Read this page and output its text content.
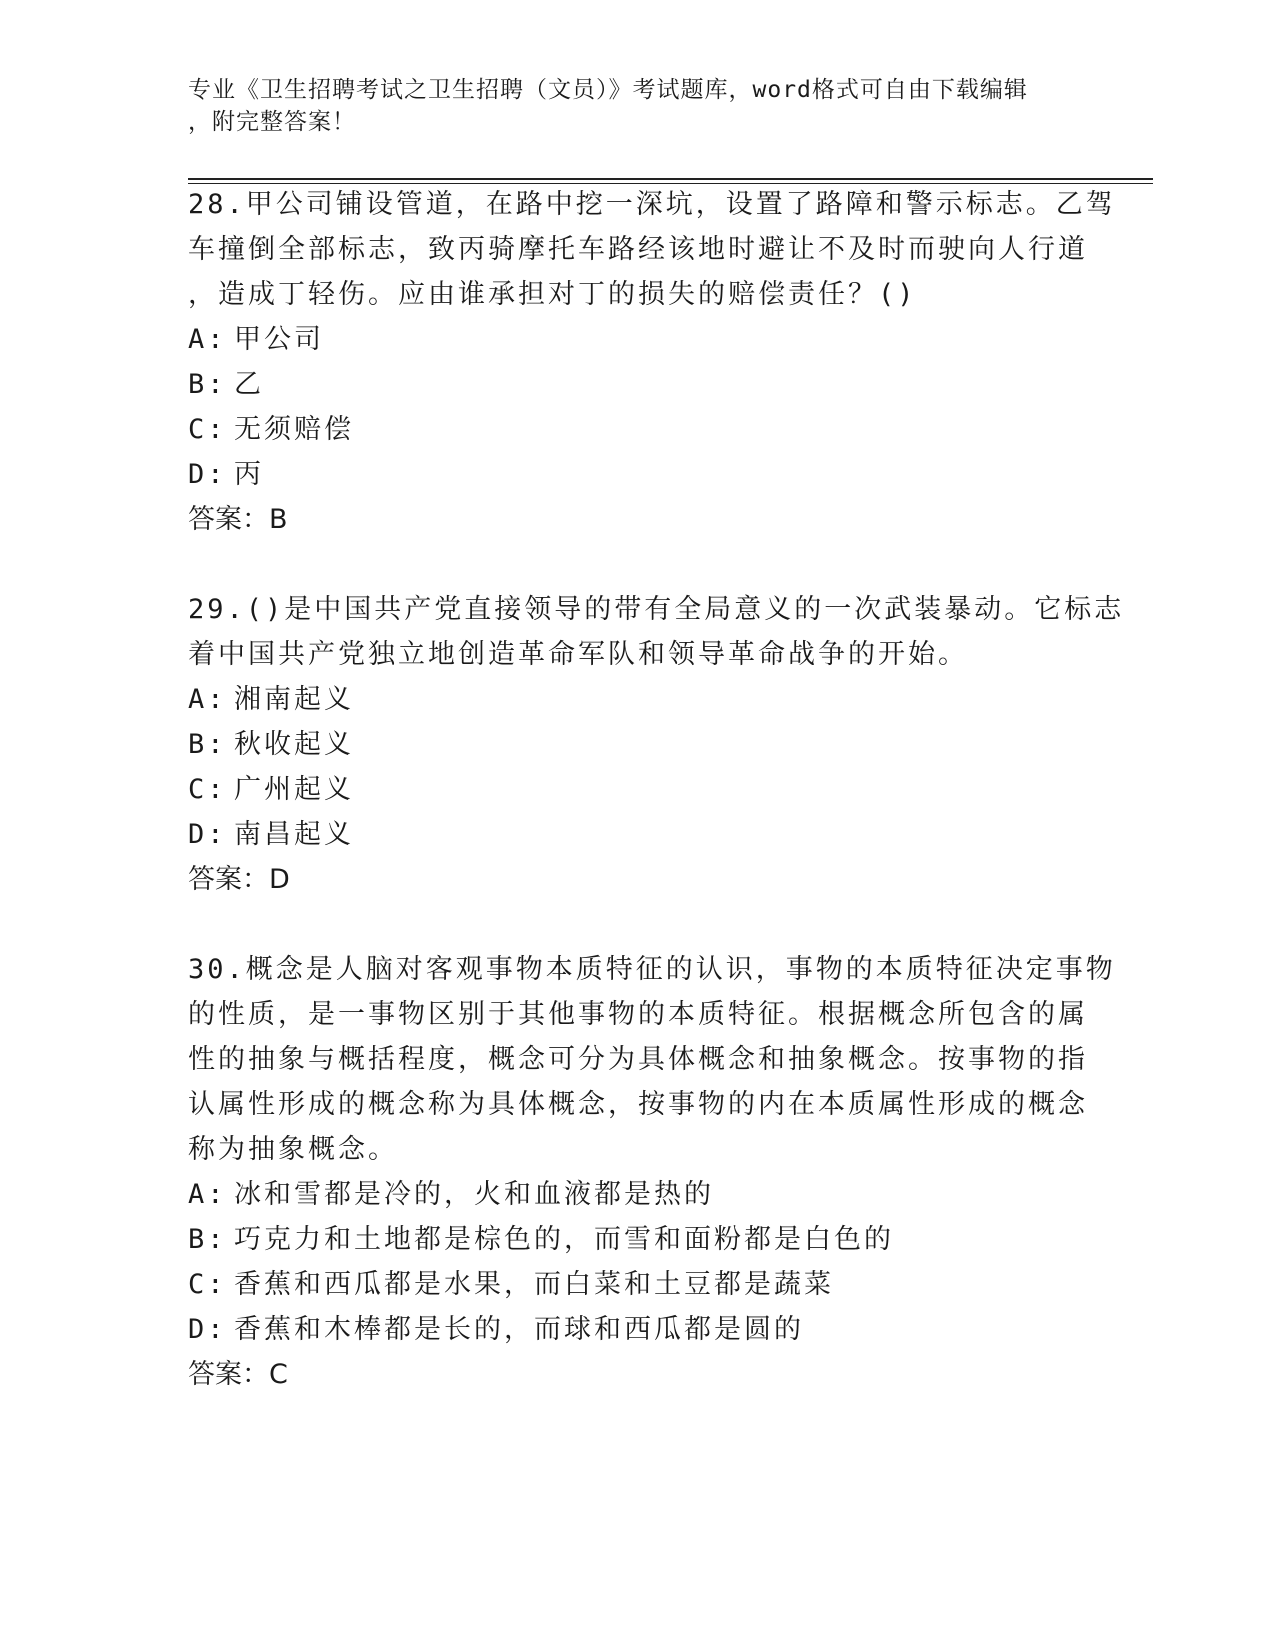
专业《卫生招聘考试之卫生招聘（文员）》考试题库，word格式可自由下载编辑
，附完整答案！
28.甲公司铺设管道，在路中挖一深坑，设置了路障和警示标志。乙驾
车撞倒全部标志，致丙骑摩托车路经该地时避让不及时而驶向人行道
，造成丁轻伤。应由谁承担对丁的损失的赔偿责任？()
A: 甲公司
B: 乙
C: 无须赔偿
D: 丙
答案：B
29.()是中国共产党直接领导的带有全局意义的一次武装暴动。它标志
着中国共产党独立地创造革命军队和领导革命战争的开始。
A: 湘南起义
B: 秋收起义
C: 广州起义
D: 南昌起义
答案：D
30.概念是人脑对客观事物本质特征的认识，事物的本质特征决定事物
的性质，是一事物区别于其他事物的本质特征。根据概念所包含的属
性的抽象与概括程度，概念可分为具体概念和抽象概念。按事物的指
认属性形成的概念称为具体概念，按事物的内在本质属性形成的概念
称为抽象概念。
A: 冰和雪都是冷的，火和血液都是热的
B: 巧克力和土地都是棕色的，而雪和面粉都是白色的
C: 香蕉和西瓜都是水果，而白菜和土豆都是蔬菜
D: 香蕉和木棒都是长的，而球和西瓜都是圆的
答案：C
